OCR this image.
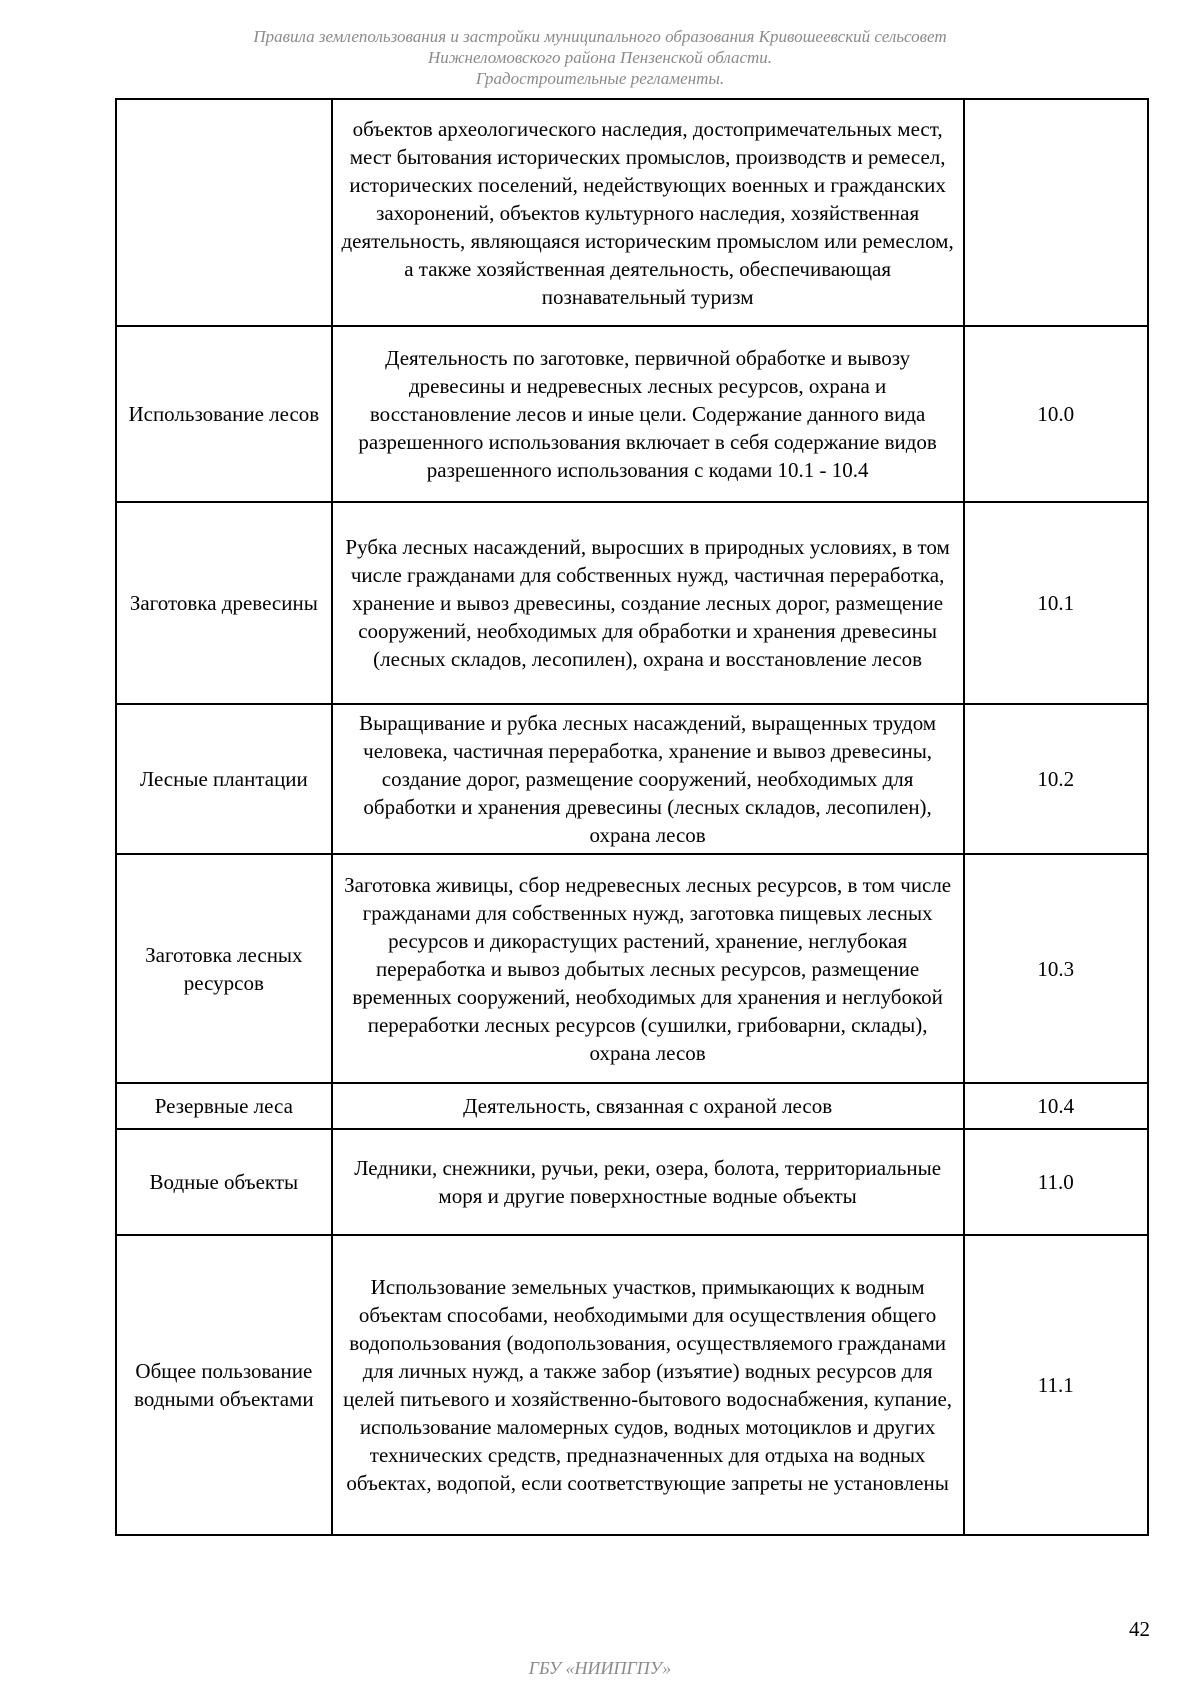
Правила землепользования и застройки муниципального образования Кривошеевский сельсовет
Нижнеломовского района Пензенской области.
Градостроительные регламенты.
	объектов археологического наследия, достопримечательных мест, мест бытования исторических промыслов, производств и ремесел, исторических поселений, недействующих военных и гражданских захоронений, объектов культурного наследия, хозяйственная деятельность, являющаяся историческим промыслом или ремеслом, а также хозяйственная деятельность, обеспечивающая познавательный туризм	
Использование лесов	Деятельность по заготовке, первичной обработке и вывозу древесины и недревесных лесных ресурсов, охрана и восстановление лесов и иные цели. Содержание данного вида разрешенного использования включает в себя содержание видов разрешенного использования с кодами 10.1 - 10.4	10.0
Заготовка древесины	Рубка лесных насаждений, выросших в природных условиях, в том числе гражданами для собственных нужд, частичная переработка, хранение и вывоз древесины, создание лесных дорог, размещение сооружений, необходимых для обработки и хранения древесины (лесных складов, лесопилен), охрана и восстановление лесов	10.1
Лесные плантации	Выращивание и рубка лесных насаждений, выращенных трудом человека, частичная переработка, хранение и вывоз древесины, создание дорог, размещение сооружений, необходимых для обработки и хранения древесины (лесных складов, лесопилен), охрана лесов	10.2
Заготовка лесных ресурсов	Заготовка живицы, сбор недревесных лесных ресурсов, в том числе гражданами для собственных нужд, заготовка пищевых лесных ресурсов и дикорастущих растений, хранение, неглубокая переработка и вывоз добытых лесных ресурсов, размещение временных сооружений, необходимых для хранения и неглубокой переработки лесных ресурсов (сушилки, грибоварни, склады), охрана лесов	10.3
Резервные леса	Деятельность, связанная с охраной лесов	10.4
Водные объекты	Ледники, снежники, ручьи, реки, озера, болота, территориальные моря и другие поверхностные водные объекты	11.0
Общее пользование водными объектами	Использование земельных участков, примыкающих к водным объектам способами, необходимыми для осуществления общего водопользования (водопользования, осуществляемого гражданами для личных нужд, а также забор (изъятие) водных ресурсов для целей питьевого и хозяйственно-бытового водоснабжения, купание, использование маломерных судов, водных мотоциклов и других технических средств, предназначенных для отдыха на водных объектах, водопой, если соответствующие запреты не установлены	11.1
42
ГБУ «НИИПГПУ»
